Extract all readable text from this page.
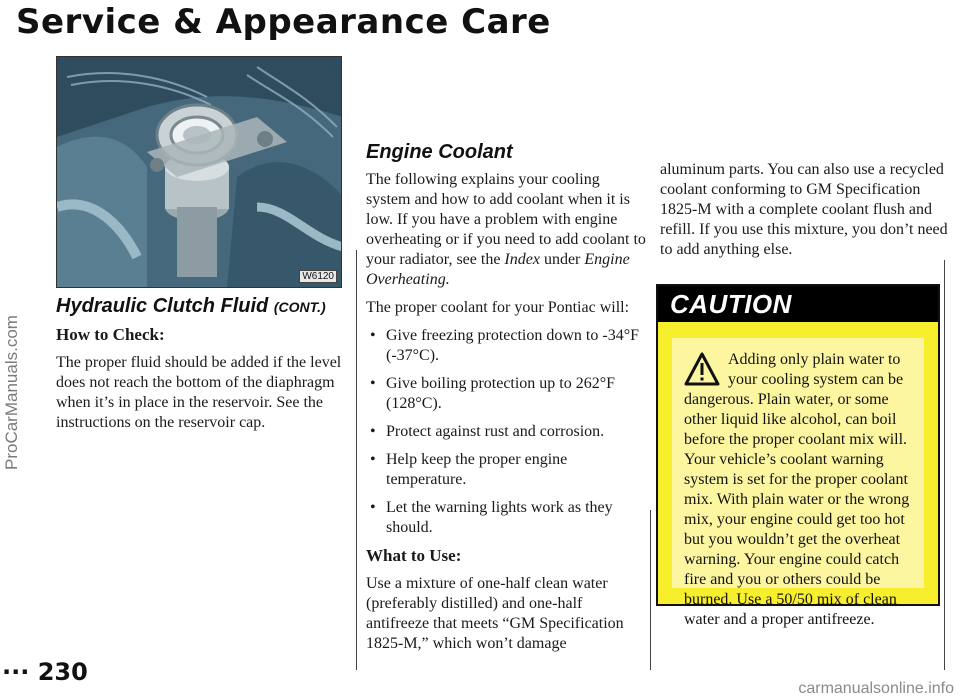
Service & Appearance Care
ProCarManuals.com
W6120
Hydraulic Clutch Fluid (CONT.)
How to Check:

The proper fluid should be added if the level does not reach the bottom of the diaphragm when it’s in place in the reservoir. See the instructions on the reservoir cap.

Engine Coolant

The following explains your cooling system and how to add coolant when it is low. If you have a problem with engine overheating or if you need to add coolant to your radiator, see the Index under Engine Overheating.

The proper coolant for your Pontiac will:

• Give freezing protection down to -34°F (-37°C).
• Give boiling protection up to 262°F (128°C).
• Protect against rust and corrosion.
• Help keep the proper engine temperature.
• Let the warning lights work as they should.
What to Use:

Use a mixture of one-half clean water (preferably distilled) and one-half antifreeze that meets “GM Specification 1825-M,” which won’t damage

aluminum parts. You can also use a recycled coolant conforming to GM Specification 1825-M with a complete coolant flush and refill. If you use this mixture, you don’t need to add anything else.

CAUTION
Adding only plain water to your cooling system can be dangerous. Plain water, or some other liquid like alcohol, can boil before the proper coolant mix will. Your vehicle’s coolant warning system is set for the proper coolant mix. With plain water or the wrong mix, your engine could get too hot but you wouldn’t get the overheat warning. Your engine could catch fire and you or others could be burned. Use a 50/50 mix of clean water and a proper antifreeze.
··· 230
carmanualsonline.info
